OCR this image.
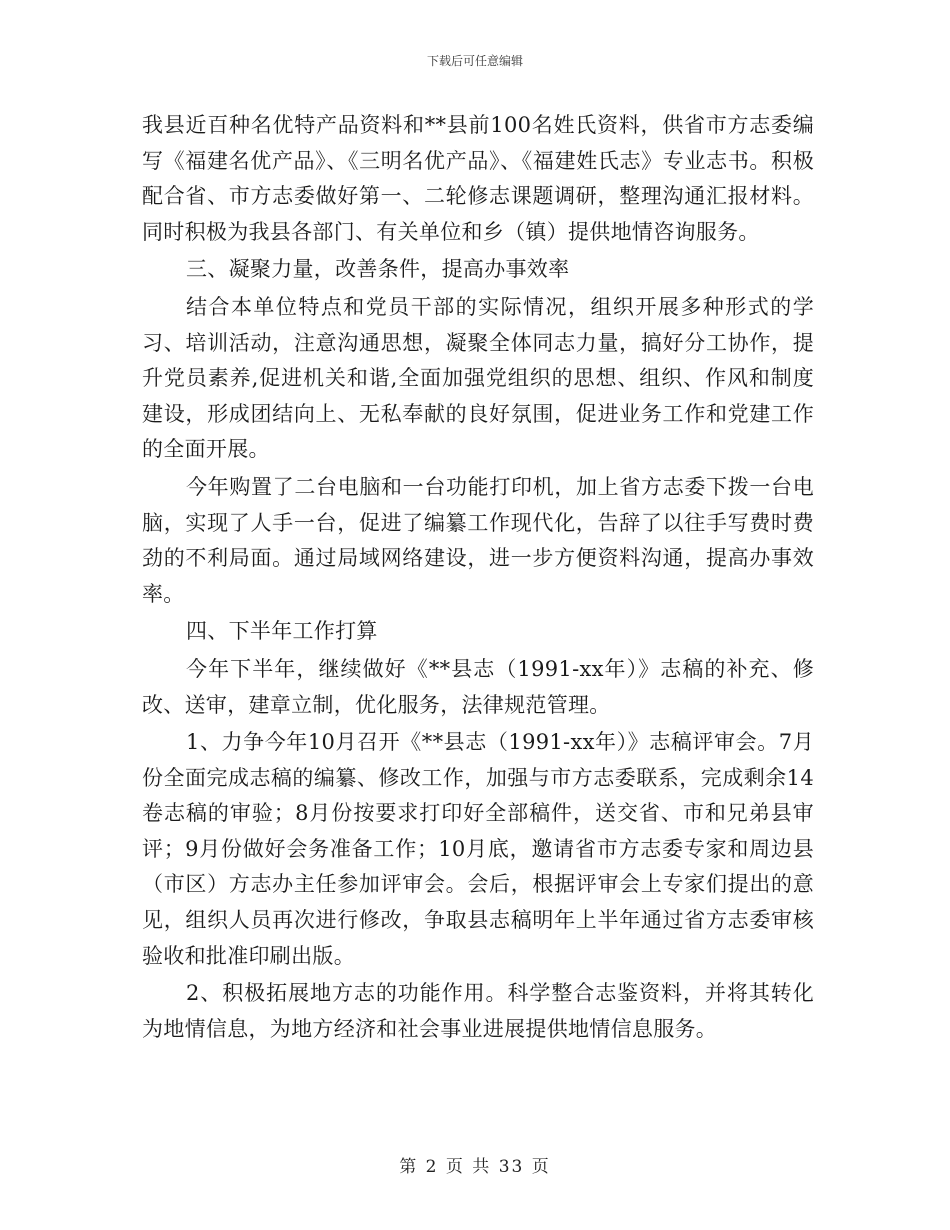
下载后可任意编辑

我县近百种名优特产品资料和**县前100名姓氏资料，供省市方志委编写《福建名优产品》、《三明名优产品》、《福建姓氏志》专业志书。积极配合省、市方志委做好第一、二轮修志课题调研，整理沟通汇报材料。同时积极为我县各部门、有关单位和乡（镇）提供地情咨询服务。

三、凝聚力量，改善条件，提高办事效率

结合本单位特点和党员干部的实际情况，组织开展多种形式的学习、培训活动，注意沟通思想，凝聚全体同志力量，搞好分工协作，提升党员素养,促进机关和谐,全面加强党组织的思想、组织、作风和制度建设，形成团结向上、无私奉献的良好氛围，促进业务工作和党建工作的全面开展。

今年购置了二台电脑和一台功能打印机，加上省方志委下拨一台电脑，实现了人手一台，促进了编纂工作现代化，告辞了以往手写费时费劲的不利局面。通过局域网络建设，进一步方便资料沟通，提高办事效率。

四、下半年工作打算

今年下半年，继续做好《**县志（1991-xx年）》志稿的补充、修改、送审，建章立制，优化服务，法律规范管理。

1、力争今年10月召开《**县志（1991-xx年）》志稿评审会。7月份全面完成志稿的编纂、修改工作，加强与市方志委联系，完成剩余14卷志稿的审验；8月份按要求打印好全部稿件，送交省、市和兄弟县审评；9月份做好会务准备工作；10月底，邀请省市方志委专家和周边县（市区）方志办主任参加评审会。会后，根据评审会上专家们提出的意见，组织人员再次进行修改，争取县志稿明年上半年通过省方志委审核验收和批准印刷出版。

2、积极拓展地方志的功能作用。科学整合志鉴资料，并将其转化为地情信息，为地方经济和社会事业进展提供地情信息服务。

第 2 页 共 33 页
